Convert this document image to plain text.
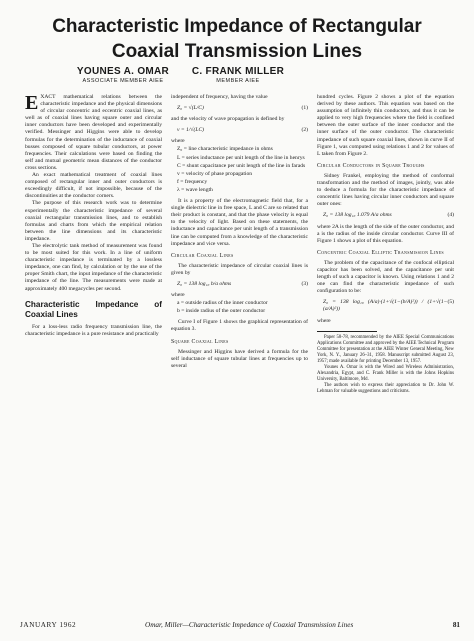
Characteristic Impedance of Rectangular
Coaxial Transmission Lines
YOUNES A. OMAR
ASSOCIATE MEMBER AIEE
C. FRANK MILLER
MEMBER AIEE

EXACT mathematical relations between the characteristic impedance and the physical dimensions of circular concentric and eccentric coaxial lines, as well as of coaxial lines having square outer and circular inner conductors have been developed and experimentally verified. Messinger and Higgins were able to develop formulas for the determination of the inductance of coaxial busses composed of square tubular conductors, at power frequencies. Their calculations were based on finding the self and mutual geometric mean distances of the conductor cross sections.

An exact mathematical treatment of coaxial lines composed of rectangular inner and outer conductors is exceedingly difficult, if not impossible, because of the discontinuities at the conductor corners.

The purpose of this research work was to determine experimentally the characteristic impedance of several coaxial rectangular transmission lines, and to establish formulas and charts from which the empirical relation between the line dimensions and its characteristic impedance.

The electrolytic tank method of measurement was found to be most suited for this work. In a line of uniform characteristic impedance is terminated by a lossless impedance, one can find, by calculation or by the use of the proper Smith chart, the input impedance of the characteristic impedance of the line. The measurements were made at approximately 400 megacycles per second.

Characteristic Impedance of Coaxial Lines

For a loss-less radio frequency transmission line, the characteristic impedance is a pure resistance and practically

independent of frequency, having the value

Z₀ = √(L/C)	(1)

and the velocity of wave propagation is defined by

v = 1/√(LC)	(2)

where

Z₀ = line characteristic impedance in ohms
L = series inductance per unit length of the line in henrys
C = shunt capacitance per unit length of the line in farads
v = velocity of phase propagation
f = frequency
λ = wave length

It is a property of the electromagnetic field that, for a single dielectric line in free space, L and C are so related that their product is constant, and that the phase velocity is equal to the velocity of light. Based on these statements, the inductance and capacitance per unit length of a transmission line can be computed from a knowledge of the characteristic impedance and vice versa.

Circular Coaxial Lines

The characteristic impedance of circular coaxial lines is given by

Z₀ = 138 log₁₀ b/a ohms	(3)

where

a = outside radius of the inner conductor
b = inside radius of the outer conductor

Curve I of Figure 1 shows the graphical representation of equation 3.

Square Coaxial Lines

Messinger and Higgins have derived a formula for the self inductance of square tubular lines at frequencies up to several

hundred cycles. Figure 2 shows a plot of the equation derived by these authors. This equation was based on the assumption of infinitely thin conductors, and thus it can be applied to very high frequencies where the field is confined between the outer surface of the inner conductor and the inner surface of the outer conductor. The characteristic impedance of such square coaxial lines, shown in curve II of Figure 1, was computed using relations 1 and 2 for values of L taken from Figure 2.

Circular Conductors in Square Troughs

Sidney Frankel, employing the method of conformal transformation and the method of images, jointly, was able to deduce a formula for the characteristic impedance of concentric lines having circular inner conductors and square outer ones:

Z₀ = 138 log₁₀ 1.079 A/a ohms	(4)

where 2A is the length of the side of the outer conductor, and a is the radius of the inside circular conductor. Curve III of Figure 1 shows a plot of this equation.

Concentric Coaxial Elliptic Transmission Lines

The problem of the capacitance of the confocal elliptical capacitor has been solved, and the capacitance per unit length of such a capacitor is known. Using relations 1 and 2 one can find the characteristic impedance of such configuration to be:

Z₀ = 138 log₁₀ (A/a)·(1+√(1−(b/A)²)) / (1+√(1−(a/A)²))
(5)

where

Paper 58-78, recommended by the AIEE Special Communications Applications Committee and approved by the AIEE Technical Program Committee for presentation at the AIEE Winter General Meeting, New York, N. Y., January 26–31, 1958. Manuscript submitted August 23, 1957; made available for printing December 13, 1957.

Younes A. Omar is with the Wired and Wireless Administration, Alexandria, Egypt, and C. Frank Miller is with the Johns Hopkins University, Baltimore, Md.

The authors wish to express their appreciation to Dr. John W. Lehman for valuable suggestions and criticisms.

JANUARY 1962	Omar, Miller—Characteristic Impedance of Coaxial Transmission Lines	81
